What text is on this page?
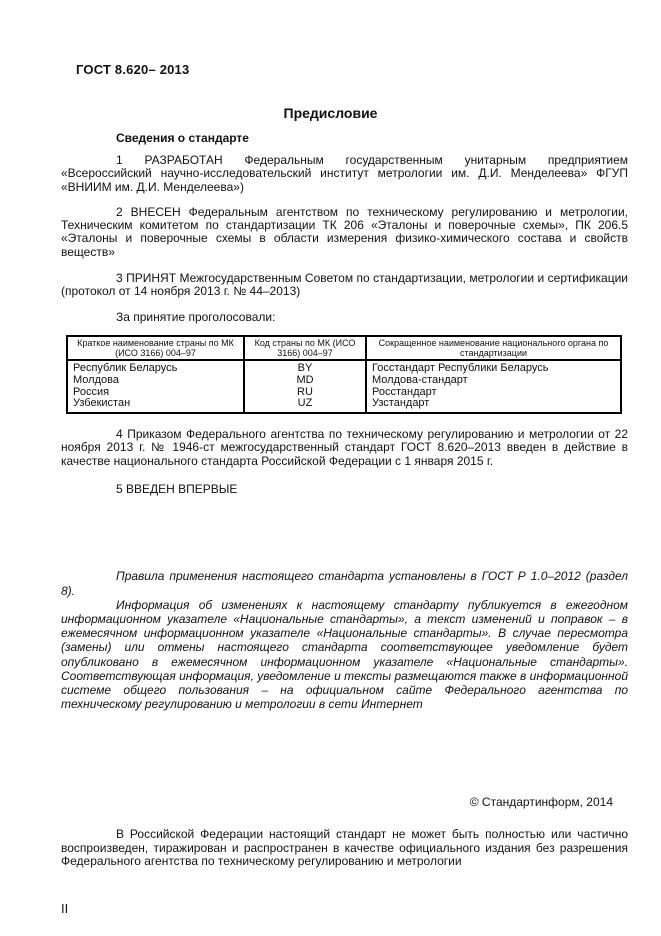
ГОСТ 8.620– 2013

Предисловие

Сведения о стандарте

1 РАЗРАБОТАН Федеральным государственным унитарным предприятием «Всероссийский научно-исследовательский институт метрологии им. Д.И. Менделеева» ФГУП «ВНИИМ им. Д.И. Менделеева»)

2 ВНЕСЕН Федеральным агентством по техническому регулированию и метрологии, Техническим комитетом по стандартизации ТК 206 «Эталоны и поверочные схемы», ПК 206.5 «Эталоны и поверочные схемы в области измерения физико-химического состава и свойств веществ»

3 ПРИНЯТ Межгосударственным Советом по стандартизации, метрологии и сертификации (протокол от 14 ноября 2013 г. № 44–2013)

За принятие проголосовали:

Краткое наименование страны по МК (ИСО 3166) 004–97	Код страны по МК (ИСО 3166) 004–97	Сокращенное наименование национального органа по стандартизации
Республик Беларусь	BY	Госстандарт Республики Беларусь
Молдова	MD	Молдова-стандарт
Россия	RU	Росстандарт
Узбекистан	UZ	Узстандарт

4 Приказом Федерального агентства по техническому регулированию и метрологии от 22 ноября 2013 г. № 1946-ст межгосударственный стандарт ГОСТ 8.620–2013 введен в действие в качестве национального стандарта Российской Федерации с 1 января 2015 г.

5 ВВЕДЕН ВПЕРВЫЕ

Правила применения настоящего стандарта установлены в ГОСТ Р 1.0–2012 (раздел 8).

Информация об изменениях к настоящему стандарту публикуется в ежегодном информационном указателе «Национальные стандарты», а текст изменений и поправок – в ежемесячном информационном указателе «Национальные стандарты». В случае пересмотра (замены) или отмены настоящего стандарта соответствующее уведомление будет опубликовано в ежемесячном информационном указателе «Национальные стандарты». Соответствующая информация, уведомление и тексты размещаются также в информационной системе общего пользования – на официальном сайте Федерального агентства по техническому регулированию и метрологии в сети Интернет

© Стандартинформ, 2014

В Российской Федерации настоящий стандарт не может быть полностью или частично воспроизведен, тиражирован и распространен в качестве официального издания без разрешения Федерального агентства по техническому регулированию и метрологии

II
